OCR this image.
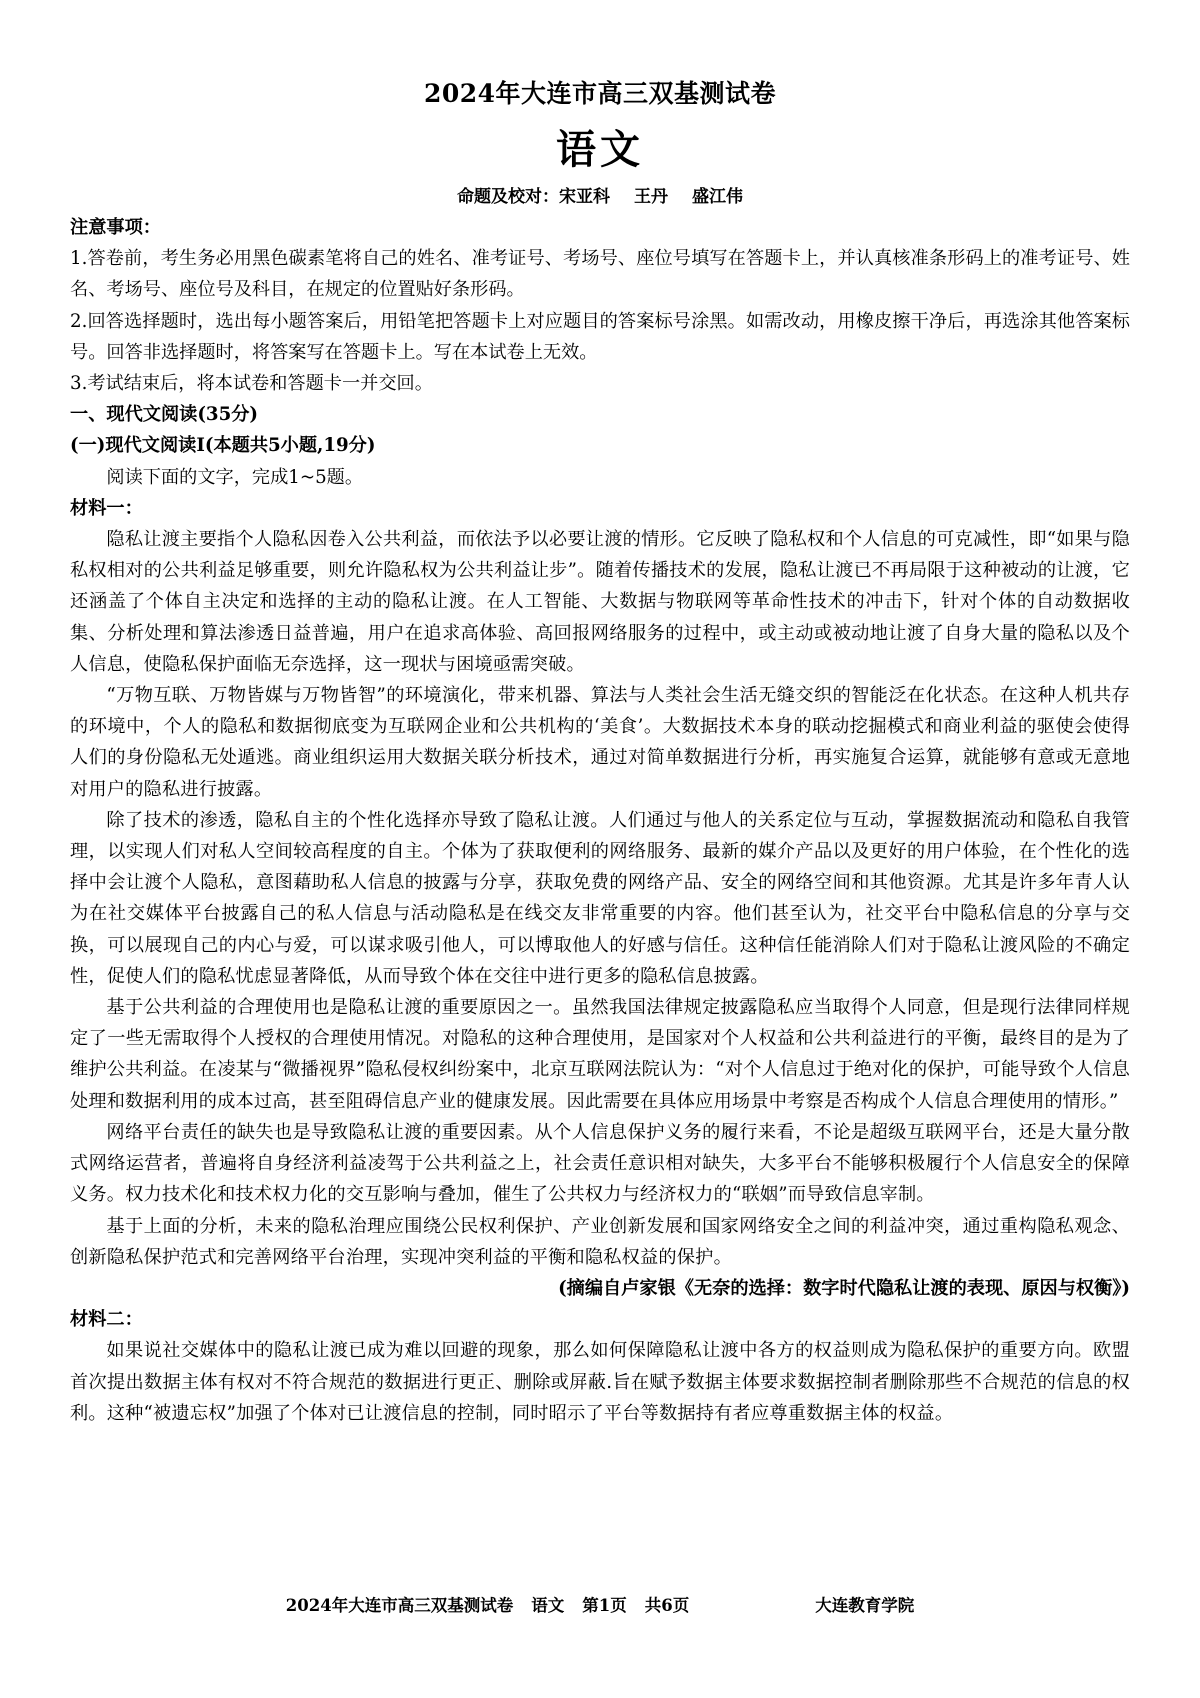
2024年大连市高三双基测试卷
语文
命题及校对：宋亚科 王丹 盛江伟

注意事项：

1.答卷前，考生务必用黑色碳素笔将自己的姓名、准考证号、考场号、座位号填写在答题卡上，并认真核准条形码上的准考证号、姓名、考场号、座位号及科目，在规定的位置贴好条形码。

2.回答选择题时，选出每小题答案后，用铅笔把答题卡上对应题目的答案标号涂黑。如需改动，用橡皮擦干净后，再选涂其他答案标号。回答非选择题时，将答案写在答题卡上。写在本试卷上无效。

3.考试结束后，将本试卷和答题卡一并交回。

一、现代文阅读(35分)

(一)现代文阅读I(本题共5小题,19分)

阅读下面的文字，完成1~5题。

材料一：

隐私让渡主要指个人隐私因卷入公共利益，而依法予以必要让渡的情形。它反映了隐私权和个人信息的可克减性，即“如果与隐私权相对的公共利益足够重要，则允许隐私权为公共利益让步”。随着传播技术的发展，隐私让渡已不再局限于这种被动的让渡，它还涵盖了个体自主决定和选择的主动的隐私让渡。在人工智能、大数据与物联网等革命性技术的冲击下，针对个体的自动数据收集、分析处理和算法渗透日益普遍，用户在追求高体验、高回报网络服务的过程中，或主动或被动地让渡了自身大量的隐私以及个人信息，使隐私保护面临无奈选择，这一现状与困境亟需突破。

“万物互联、万物皆媒与万物皆智”的环境演化，带来机器、算法与人类社会生活无缝交织的智能泛在化状态。在这种人机共存的环境中，个人的隐私和数据彻底变为互联网企业和公共机构的‘美食’。大数据技术本身的联动挖掘模式和商业利益的驱使会使得人们的身份隐私无处遁逃。商业组织运用大数据关联分析技术，通过对简单数据进行分析，再实施复合运算，就能够有意或无意地对用户的隐私进行披露。

除了技术的渗透，隐私自主的个性化选择亦导致了隐私让渡。人们通过与他人的关系定位与互动，掌握数据流动和隐私自我管理，以实现人们对私人空间较高程度的自主。个体为了获取便利的网络服务、最新的媒介产品以及更好的用户体验，在个性化的选择中会让渡个人隐私，意图藉助私人信息的披露与分享，获取免费的网络产品、安全的网络空间和其他资源。尤其是许多年青人认为在社交媒体平台披露自己的私人信息与活动隐私是在线交友非常重要的内容。他们甚至认为，社交平台中隐私信息的分享与交换，可以展现自己的内心与爱，可以谋求吸引他人，可以博取他人的好感与信任。这种信任能消除人们对于隐私让渡风险的不确定性，促使人们的隐私忧虑显著降低，从而导致个体在交往中进行更多的隐私信息披露。

基于公共利益的合理使用也是隐私让渡的重要原因之一。虽然我国法律规定披露隐私应当取得个人同意，但是现行法律同样规定了一些无需取得个人授权的合理使用情况。对隐私的这种合理使用，是国家对个人权益和公共利益进行的平衡，最终目的是为了维护公共利益。在凌某与“微播视界”隐私侵权纠纷案中，北京互联网法院认为：“对个人信息过于绝对化的保护，可能导致个人信息处理和数据利用的成本过高，甚至阻碍信息产业的健康发展。因此需要在具体应用场景中考察是否构成个人信息合理使用的情形。”

网络平台责任的缺失也是导致隐私让渡的重要因素。从个人信息保护义务的履行来看，不论是超级互联网平台，还是大量分散式网络运营者，普遍将自身经济利益凌驾于公共利益之上，社会责任意识相对缺失，大多平台不能够积极履行个人信息安全的保障义务。权力技术化和技术权力化的交互影响与叠加，催生了公共权力与经济权力的“联姻”而导致信息宰制。

基于上面的分析，未来的隐私治理应围绕公民权利保护、产业创新发展和国家网络安全之间的利益冲突，通过重构隐私观念、创新隐私保护范式和完善网络平台治理，实现冲突利益的平衡和隐私权益的保护。

(摘编自卢家银《无奈的选择：数字时代隐私让渡的表现、原因与权衡》)

材料二：

如果说社交媒体中的隐私让渡已成为难以回避的现象，那么如何保障隐私让渡中各方的权益则成为隐私保护的重要方向。欧盟首次提出数据主体有权对不符合规范的数据进行更正、删除或屏蔽.旨在赋予数据主体要求数据控制者删除那些不合规范的信息的权利。这种“被遗忘权”加强了个体对已让渡信息的控制，同时昭示了平台等数据持有者应尊重数据主体的权益。

2024年大连市高三双基测试卷 语文 第1页 共6页	大连教育学院
